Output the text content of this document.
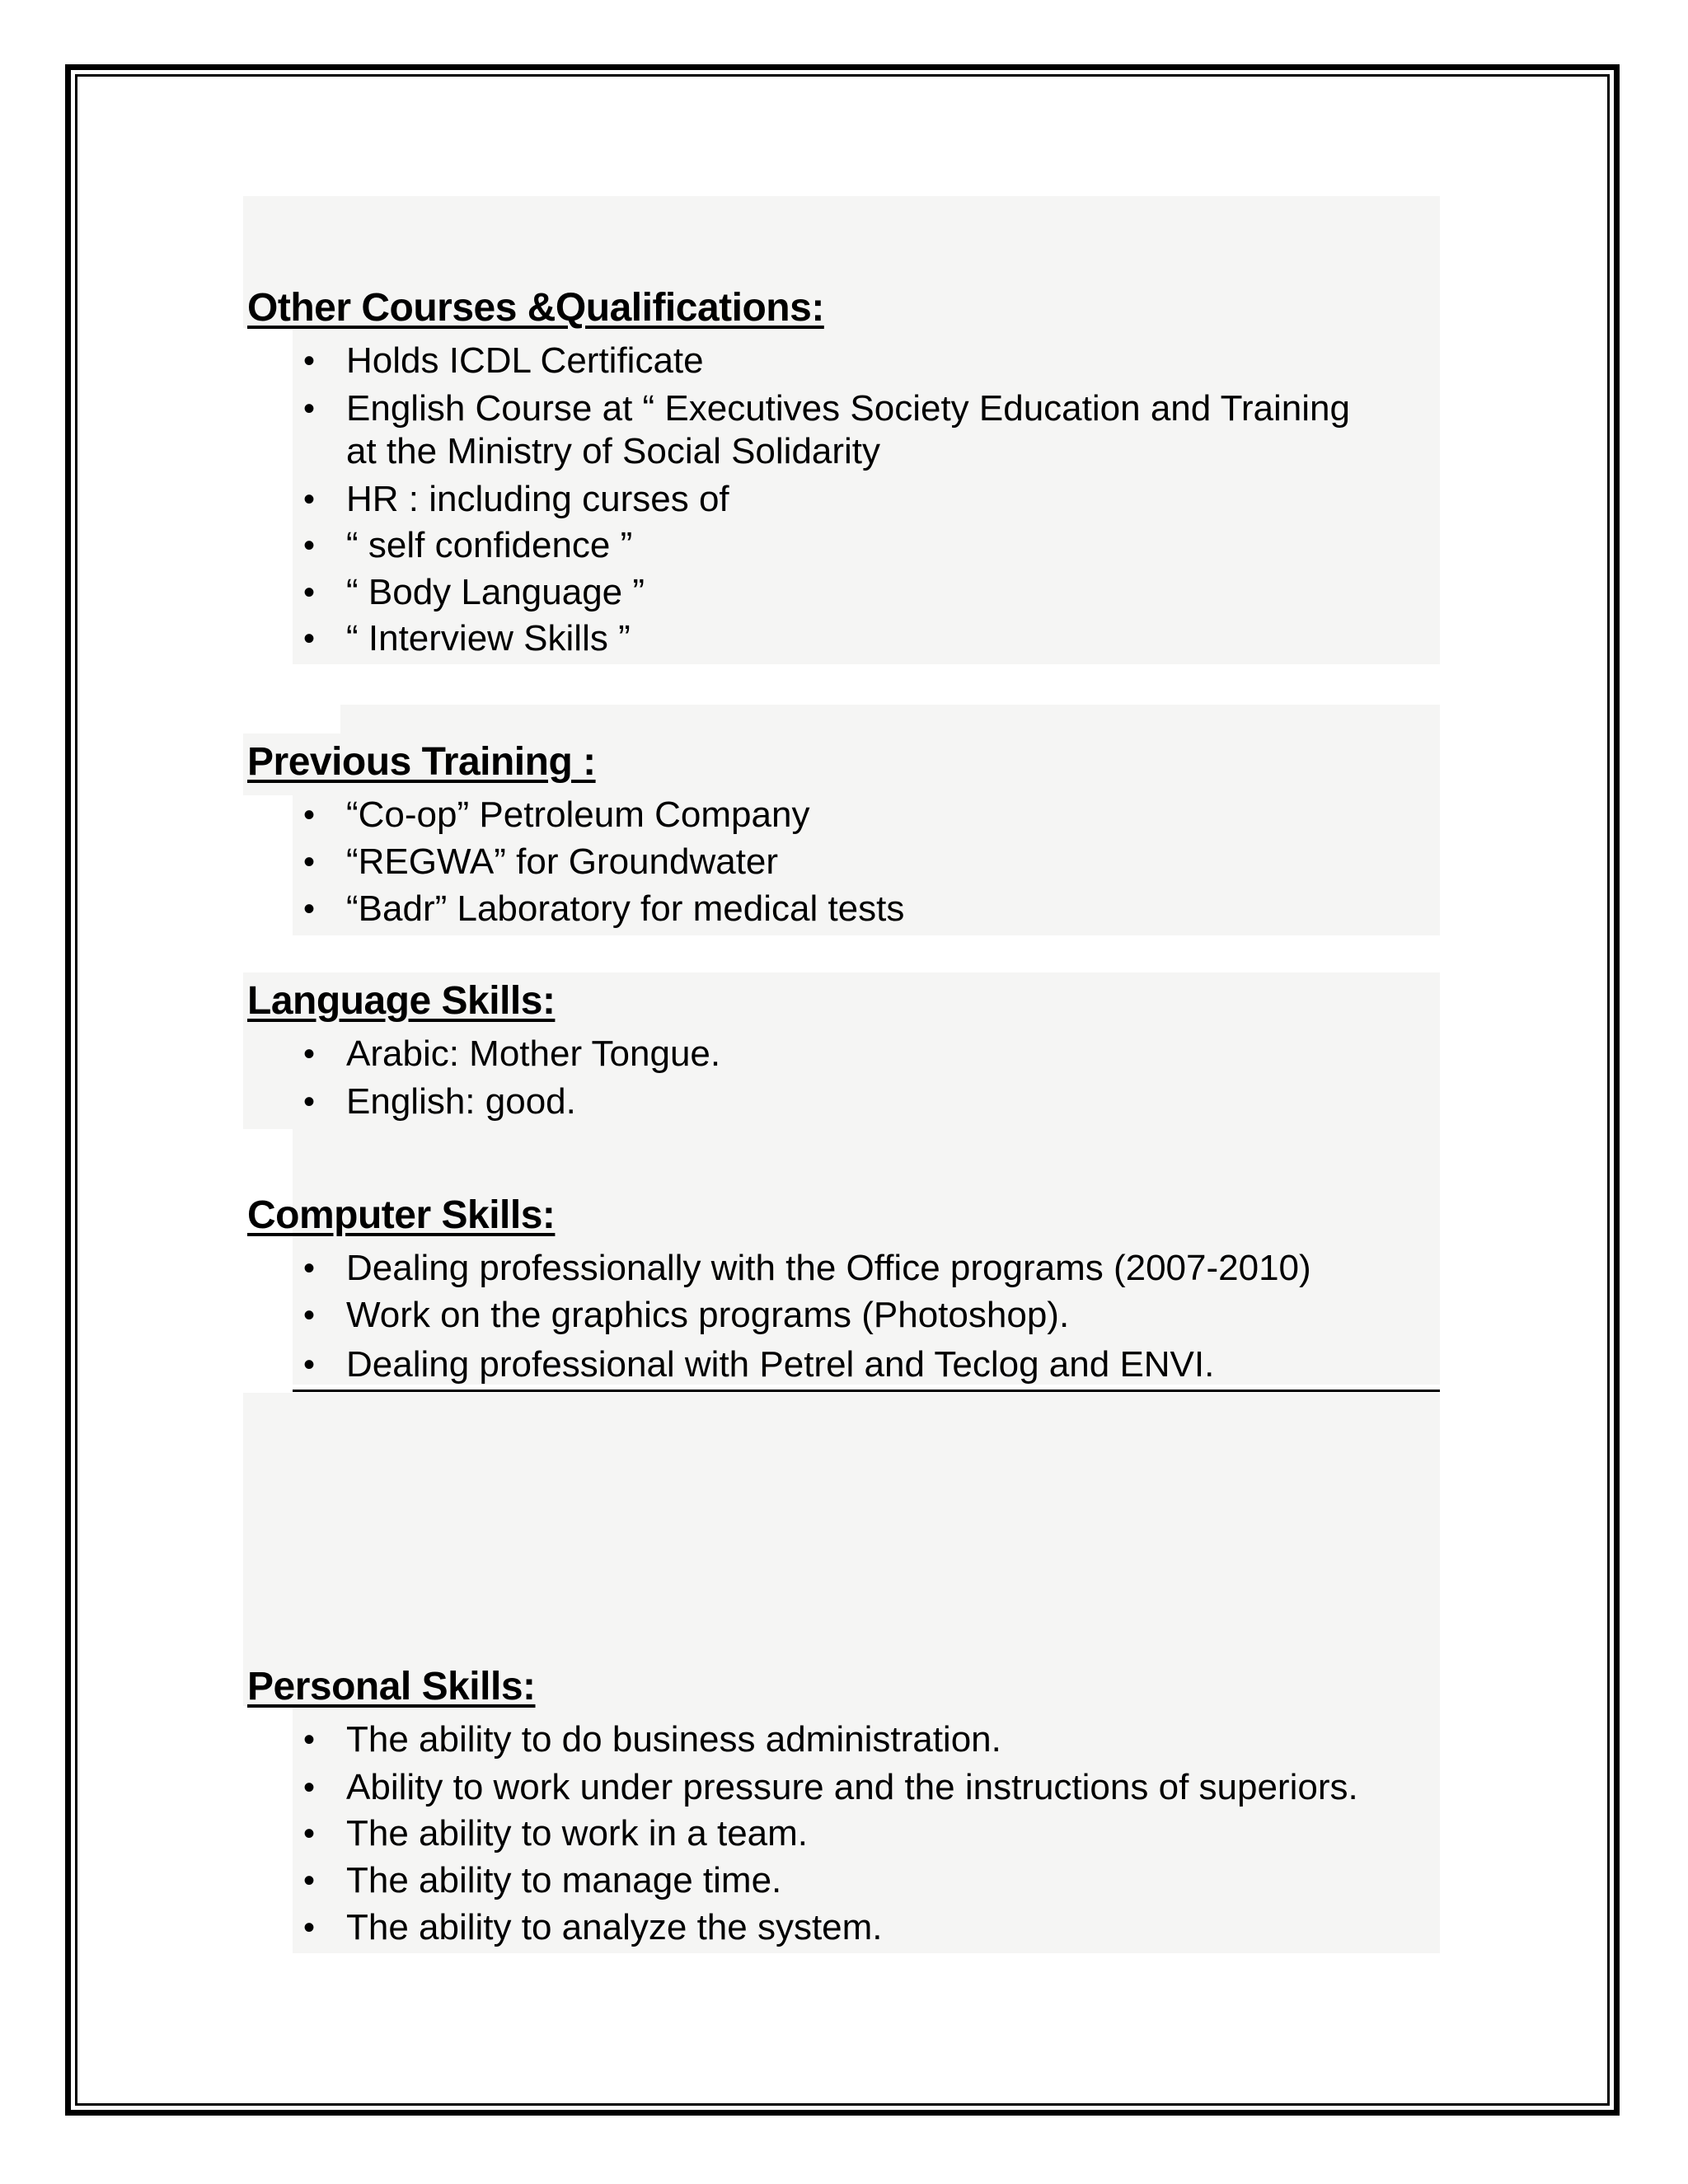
Other Courses &Qualifications:
• Holds ICDL Certificate
• English Course at “ Executives Society Education and Training
at the Ministry of Social Solidarity
• HR : including curses of
• “ self confidence ”
• “ Body Language ”
• “ Interview Skills ”
Previous Training :
• “Co-op” Petroleum Company
• “REGWA” for Groundwater
• “Badr” Laboratory for medical tests
Language Skills:
• Arabic: Mother Tongue.
• English: good.
Computer Skills:
• Dealing professionally with the Office programs (2007-2010)
• Work on the graphics programs (Photoshop).
• Dealing professional with Petrel and Teclog and ENVI.
Personal Skills:
• The ability to do business administration.
• Ability to work under pressure and the instructions of superiors.
• The ability to work in a team.
• The ability to manage time.
• The ability to analyze the system.
